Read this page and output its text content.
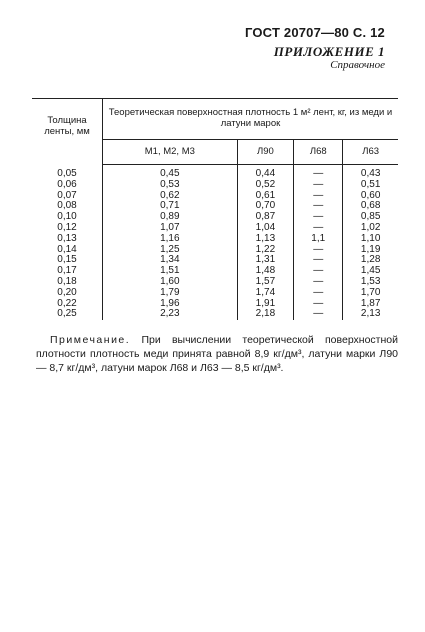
ГОСТ 20707—80 С. 12
ПРИЛОЖЕНИЕ 1
Справочное
Толщина ленты, мм	Теоретическая поверхностная плотность 1 м² лент, кг, из меди и латуни марок			
	М1, М2, М3	Л90	Л68	Л63
0,05	0,45	0,44	—	0,43
0,06	0,53	0,52	—	0,51
0,07	0,62	0,61	—	0,60
0,08	0,71	0,70	—	0,68
0,10	0,89	0,87	—	0,85
0,12	1,07	1,04	—	1,02
0,13	1,16	1,13	1,1	1,10
0,14	1,25	1,22	—	1,19
0,15	1,34	1,31	—	1,28
0,17	1,51	1,48	—	1,45
0,18	1,60	1,57	—	1,53
0,20	1,79	1,74	—	1,70
0,22	1,96	1,91	—	1,87
0,25	2,23	2,18	—	2,13

Примечание. При вычислении теоретической поверхностной плотности плотность меди принята равной 8,9 кг/дм³, латуни марки Л90— 8,7 кг/дм³, латуни марок Л68 и Л63 — 8,5 кг/дм³.
